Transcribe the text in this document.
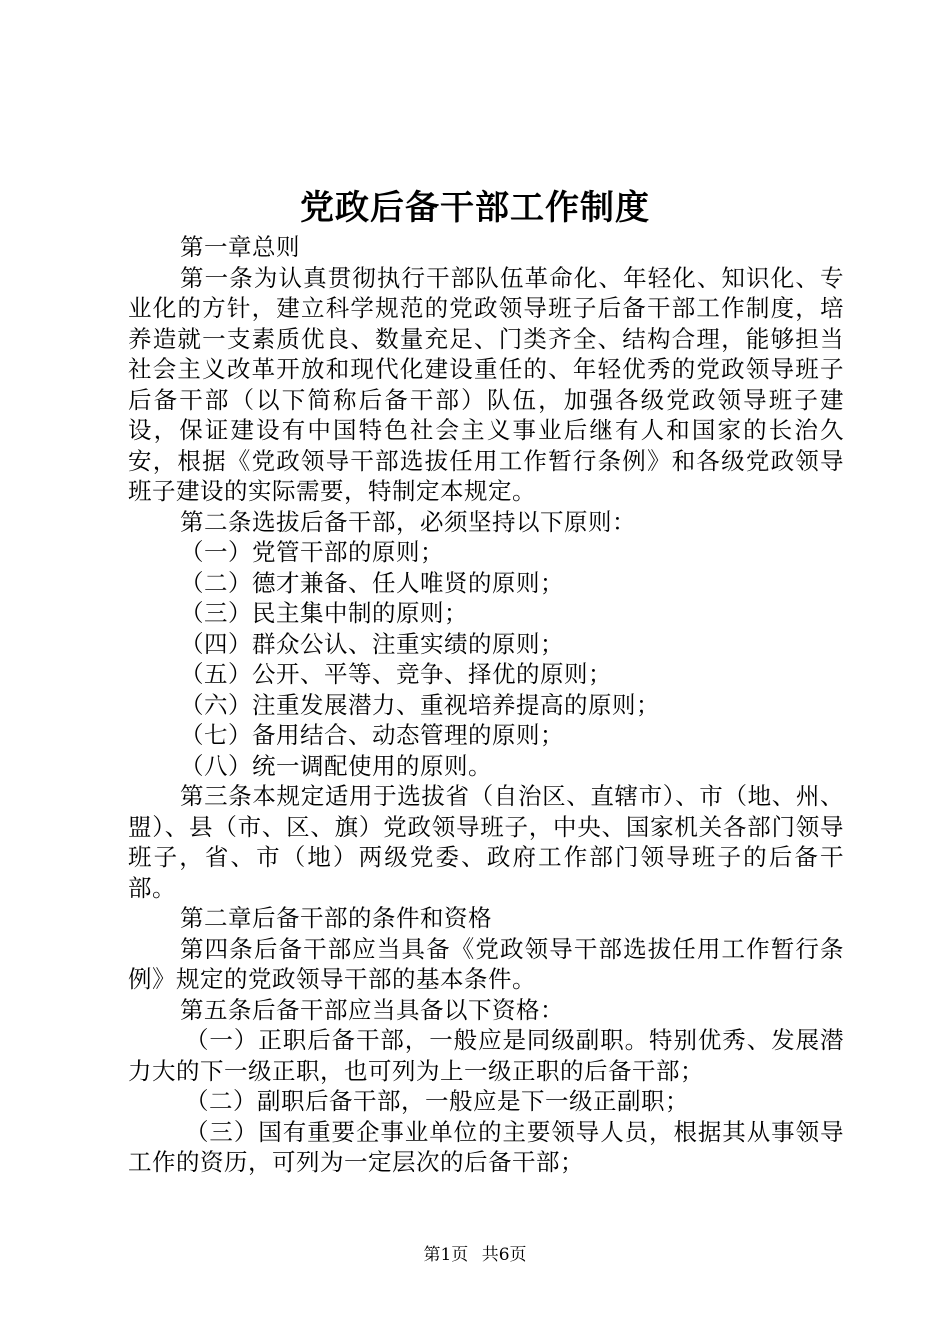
党政后备干部工作制度

第一章总则

第一条为认真贯彻执行干部队伍革命化、年轻化、知识化、专业化的方针，建立科学规范的党政领导班子后备干部工作制度，培养造就一支素质优良、数量充足、门类齐全、结构合理，能够担当社会主义改革开放和现代化建设重任的、年轻优秀的党政领导班子后备干部（以下简称后备干部）队伍，加强各级党政领导班子建设，保证建设有中国特色社会主义事业后继有人和国家的长治久安，根据《党政领导干部选拔任用工作暂行条例》和各级党政领导班子建设的实际需要，特制定本规定。

第二条选拔后备干部，必须坚持以下原则：

（一）党管干部的原则；

（二）德才兼备、任人唯贤的原则；

（三）民主集中制的原则；

（四）群众公认、注重实绩的原则；

（五）公开、平等、竞争、择优的原则；

（六）注重发展潜力、重视培养提高的原则；

（七）备用结合、动态管理的原则；

（八）统一调配使用的原则。

第三条本规定适用于选拔省（自治区、直辖市）、市（地、州、盟）、县（市、区、旗）党政领导班子，中央、国家机关各部门领导班子，省、市（地）两级党委、政府工作部门领导班子的后备干部。

第二章后备干部的条件和资格

第四条后备干部应当具备《党政领导干部选拔任用工作暂行条例》规定的党政领导干部的基本条件。

第五条后备干部应当具备以下资格：

（一）正职后备干部，一般应是同级副职。特别优秀、发展潜力大的下一级正职，也可列为上一级正职的后备干部；

（二）副职后备干部，一般应是下一级正副职；

（三）国有重要企事业单位的主要领导人员，根据其从事领导工作的资历，可列为一定层次的后备干部；

第1页 共6页
